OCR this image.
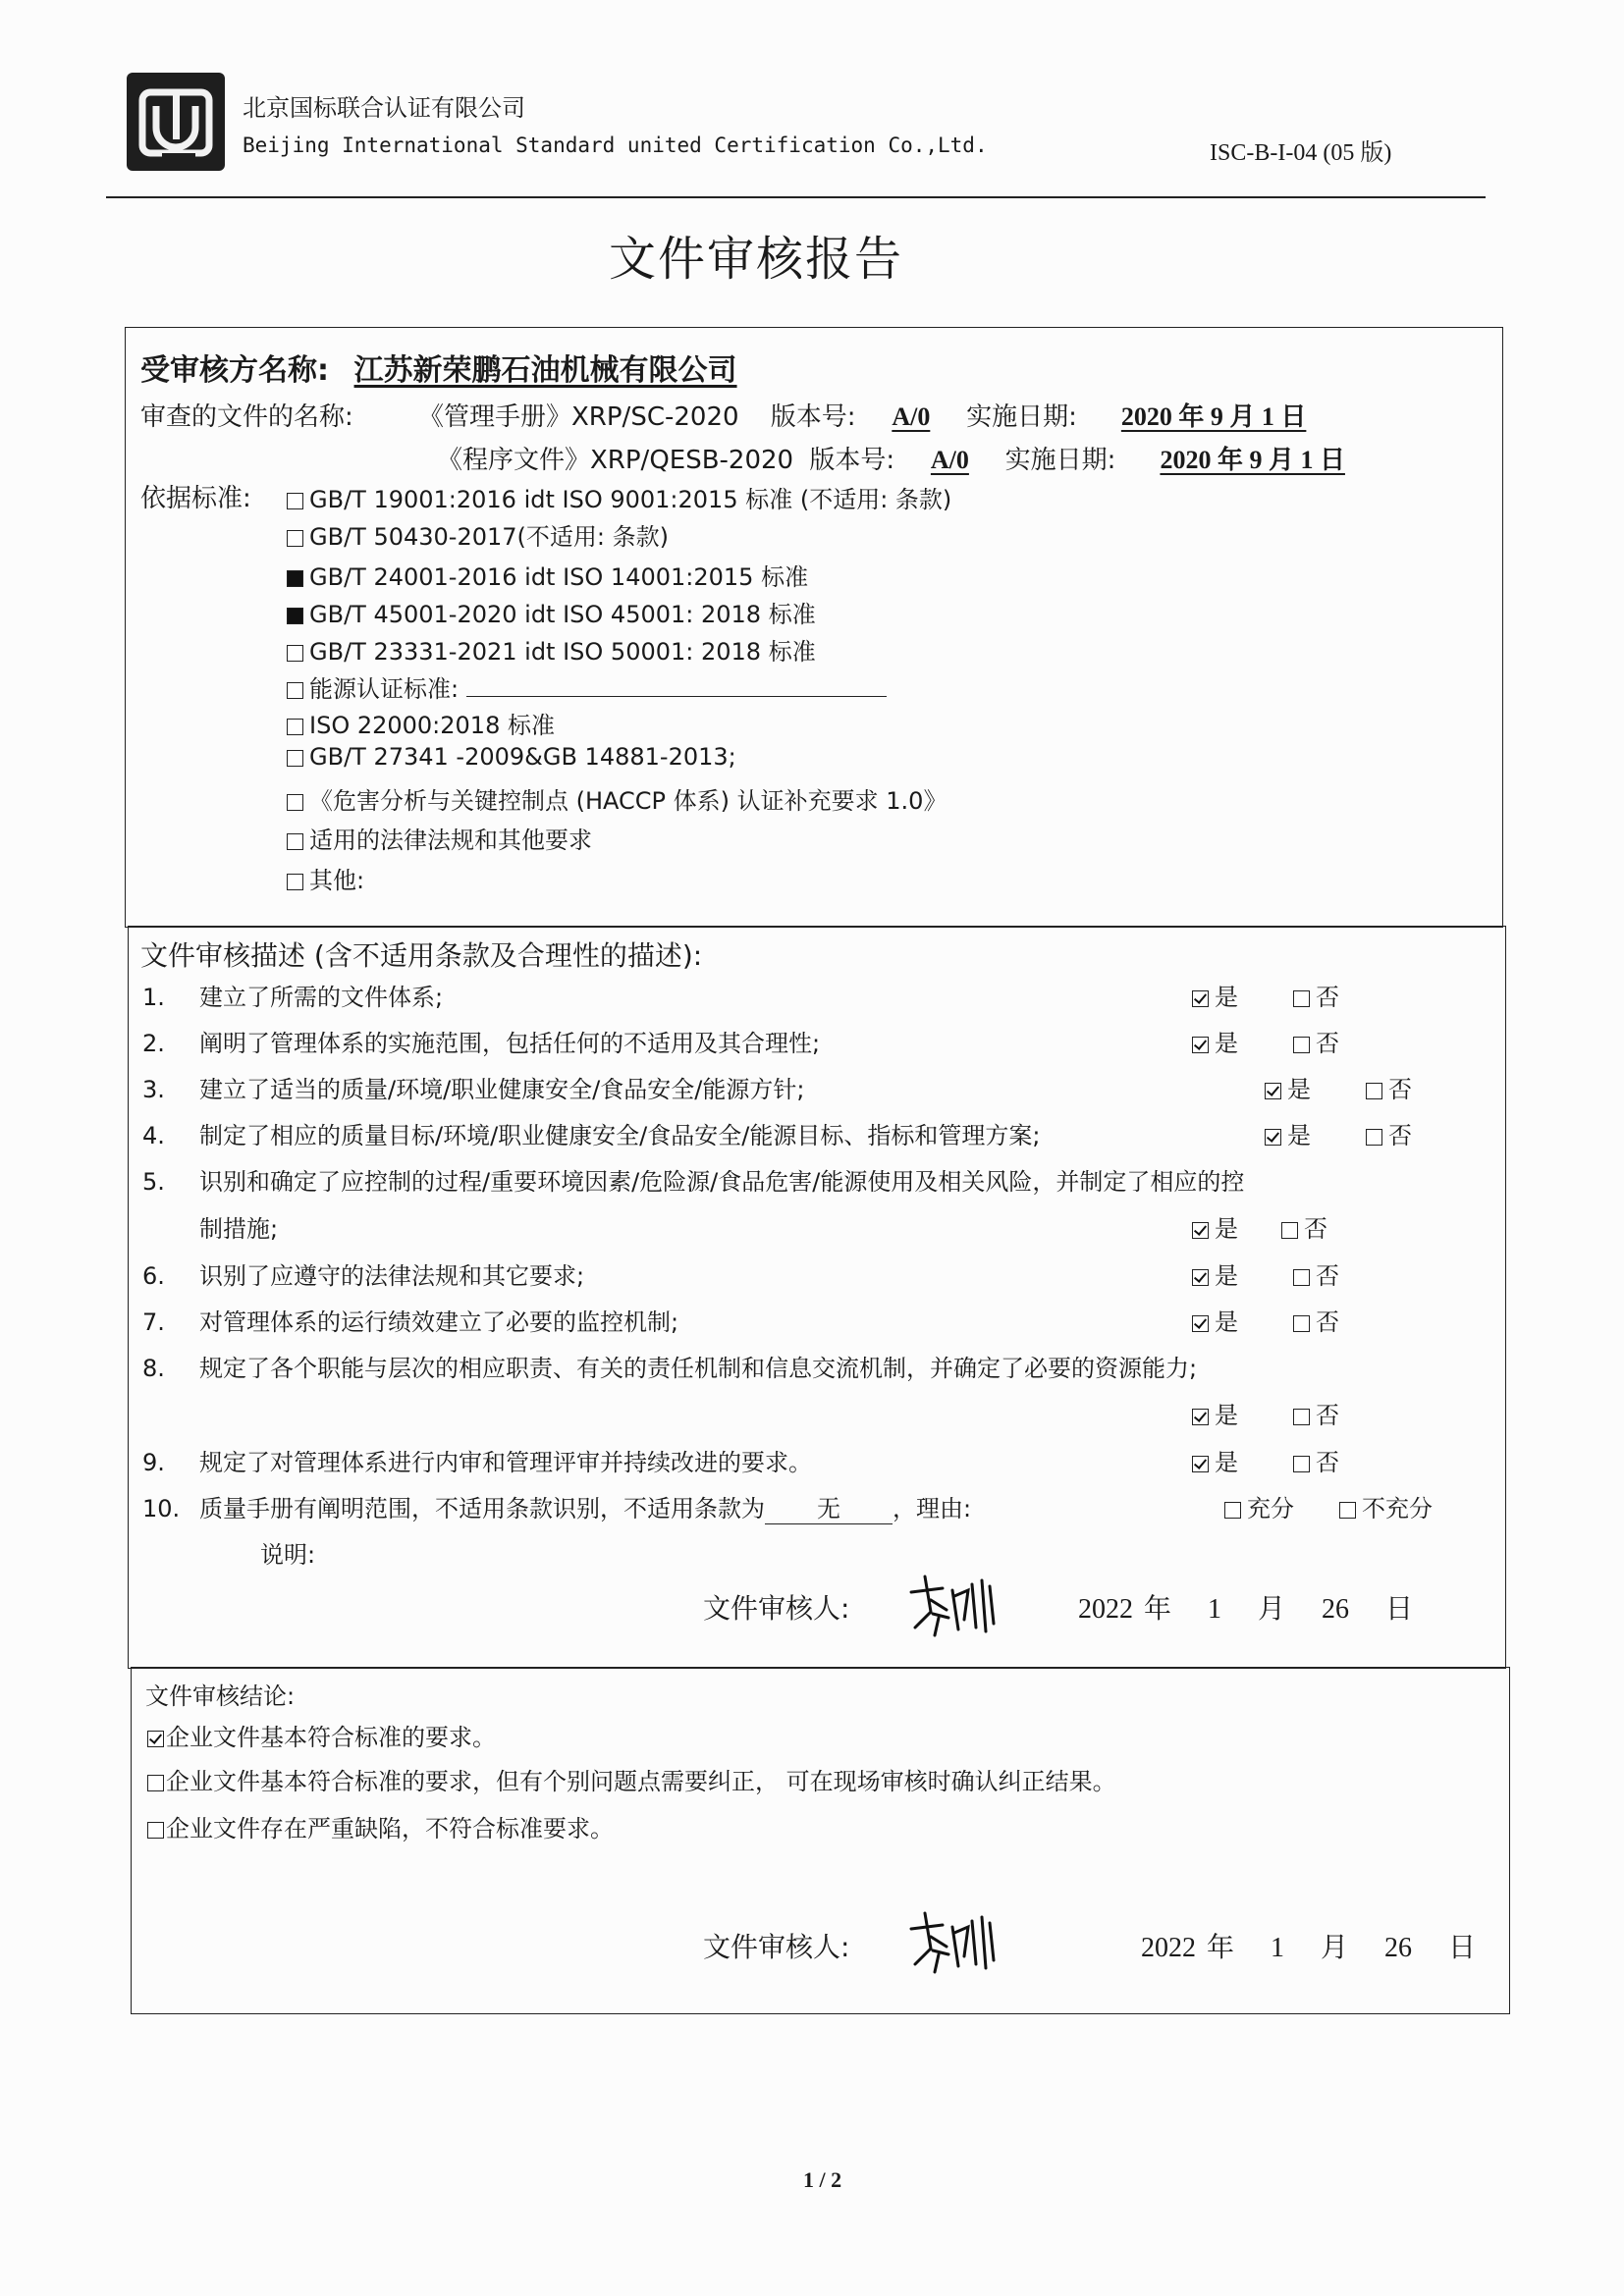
北京国标联合认证有限公司
Beijing International Standard united Certification Co.,Ltd.	ISC-B-I-04 (05 版)
文件审核报告
受审核方名称: 江苏新荣鹏石油机械有限公司
审查的文件的名称:	《管理手册》XRP/SC-2020 版本号: A/0 实施日期: 2020 年 9 月 1 日
《程序文件》XRP/QESB-2020 版本号: A/0 实施日期: 2020 年 9 月 1 日
依据标准:	GB/T 19001:2016 idt ISO 9001:2015 标准 (不适用: 条款)
GB/T 50430-2017(不适用: 条款)
GB/T 24001-2016 idt ISO 14001:2015 标准
GB/T 45001-2020 idt ISO 45001: 2018 标准
GB/T 23331-2021 idt ISO 50001: 2018 标准
能源认证标准:
ISO 22000:2018 标准
GB/T 27341 -2009&GB 14881-2013;
《危害分析与关键控制点 (HACCP 体系) 认证补充要求 1.0》
适用的法律法规和其他要求
其他:
文件审核描述 (含不适用条款及合理性的描述):
1. 建立了所需的文件体系;	是	否
2. 阐明了管理体系的实施范围，包括任何的不适用及其合理性;	是	否
3. 建立了适当的质量/环境/职业健康安全/食品安全/能源方针;	是	否
4. 制定了相应的质量目标/环境/职业健康安全/食品安全/能源目标、指标和管理方案;	是	否
5. 识别和确定了应控制的过程/重要环境因素/危险源/食品危害/能源使用及相关风险，并制定了相应的控
制措施;	是	否
6. 识别了应遵守的法律法规和其它要求;	是	否
7. 对管理体系的运行绩效建立了必要的监控机制;	是	否
8. 规定了各个职能与层次的相应职责、有关的责任机制和信息交流机制，并确定了必要的资源能力;
是	否
9. 规定了对管理体系进行内审和管理评审并持续改进的要求。	是	否
10. 质量手册有阐明范围，不适用条款识别，不适用条款为 无 ，理由:	充分	不充分
说明:
文件审核人:	2022 年 1 月 26 日
文件审核结论:
企业文件基本符合标准的要求。
企业文件基本符合标准的要求，但有个别问题点需要纠正， 可在现场审核时确认纠正结果。
企业文件存在严重缺陷，不符合标准要求。
文件审核人:	2022 年 1 月 26 日
1 / 2
